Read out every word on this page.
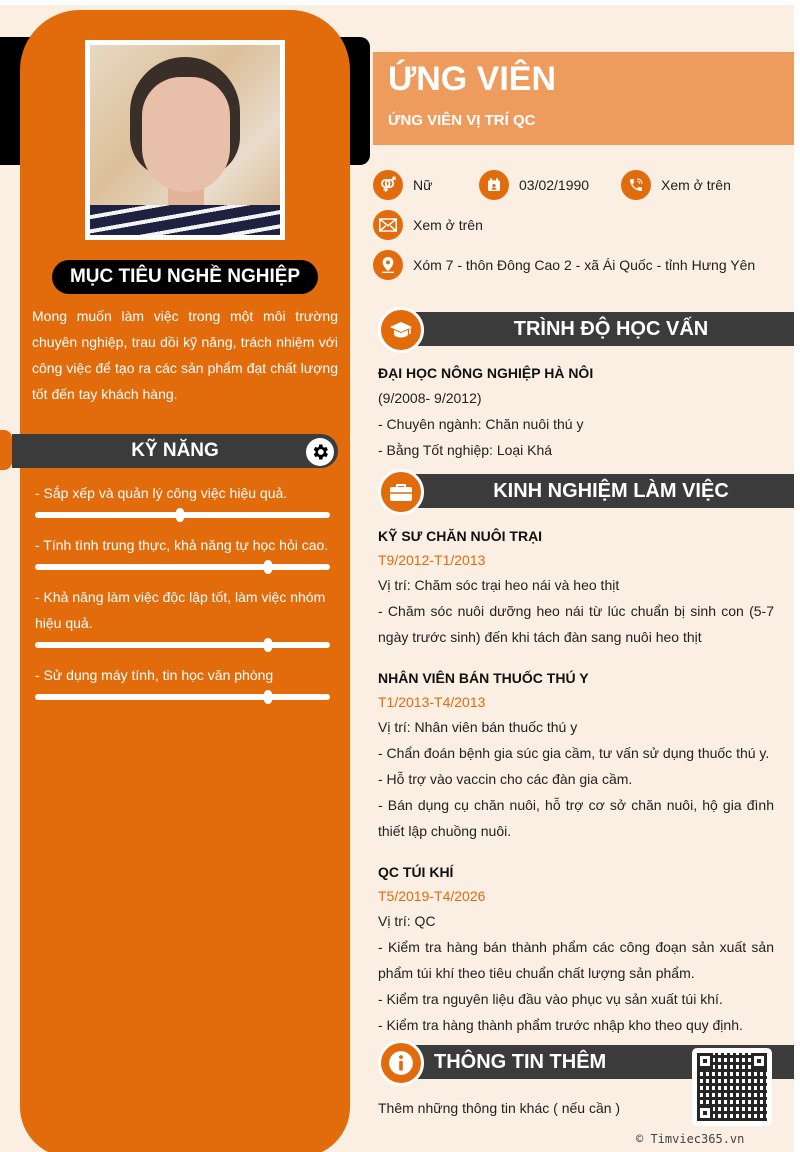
MỤC TIÊU NGHỀ NGHIỆP
Mong muốn làm việc trong một môi trường chuyên nghiệp, trau dồi kỹ năng, trách nhiệm với công việc để tạo ra các sản phẩm đạt chất lượng tốt đến tay khách hàng.
KỸ NĂNG
- Sắp xếp và quản lý công việc hiệu quả.
- Tính tình trung thực, khả năng tự học hỏi cao.
- Khả năng làm việc độc lập tốt, làm việc nhóm hiệu quả.
- Sử dụng máy tính, tin học văn phòng
ỨNG VIÊN
ỨNG VIÊN VỊ TRÍ QC
Nữ	03/02/1990	Xem ở trên
Xem ở trên
Xóm 7 - thôn Đông Cao 2 - xã Ái Quốc - tỉnh Hưng Yên
TRÌNH ĐỘ HỌC VẤN
ĐẠI HỌC NÔNG NGHIỆP HÀ NÔI
(9/2008- 9/2012)
- Chuyên ngành: Chăn nuôi thú y
- Bằng Tốt nghiệp: Loại Khá
KINH NGHIỆM LÀM VIỆC
KỸ SƯ CHĂN NUÔI TRẠI
T9/2012-T1/2013
Vị trí: Chăm sóc trại heo nái và heo thịt
- Chăm sóc nuôi dưỡng heo nái từ lúc chuẩn bị sinh con (5-7 ngày trước sinh) đến khi tách đàn sang nuôi heo thịt
NHÂN VIÊN BÁN THUỐC THÚ Y
T1/2013-T4/2013
Vị trí: Nhân viên bán thuốc thú y
- Chẩn đoán bệnh gia súc gia cầm, tư vấn sử dụng thuốc thú y.
- Hỗ trợ vào vaccin cho các đàn gia cầm.
- Bán dụng cụ chăn nuôi, hỗ trợ cơ sở chăn nuôi, hộ gia đình thiết lập chuồng nuôi.
QC TÚI KHÍ
T5/2019-T4/2026
Vị trí: QC
- Kiểm tra hàng bán thành phẩm các công đoạn sản xuất sản phẩm túi khí theo tiêu chuẩn chất lượng sản phẩm.
- Kiểm tra nguyên liệu đầu vào phục vụ sản xuất túi khí.
- Kiểm tra hàng thành phẩm trước nhập kho theo quy định.
THÔNG TIN THÊM
Thêm những thông tin khác ( nếu cần )
© Timviec365.vn
